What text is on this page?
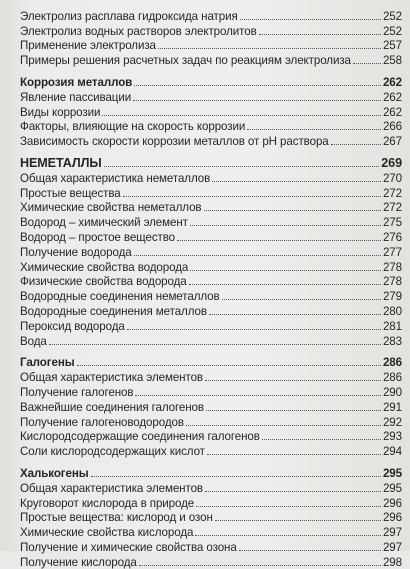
Электролиз расплава гидроксида натрия	252
Электролиз водных растворов электролитов	252
Применение электролиза	257
Примеры решения расчетных задач по реакциям электролиза	258
Коррозия металлов	262
Явление пассивации	262
Виды коррозии	262
Факторы, влияющие на скорость коррозии	266
Зависимость скорости коррозии металлов от pH раствора	267
НЕМЕТАЛЛЫ	269
Общая характеристика неметаллов	270
Простые вещества	272
Химические свойства неметаллов	272
Водород – химический элемент	275
Водород – простое вещество	276
Получение водорода	277
Химические свойства водорода	278
Физические свойства водорода	278
Водородные соединения неметаллов	279
Водородные соединения металлов	280
Пероксид водорода	281
Вода	283
Галогены	286
Общая характеристика элементов	286
Получение галогенов	290
Важнейшие соединения галогенов	291
Получение галогеноводородов	292
Кислородсодержащие соединения галогенов	293
Соли кислородсодержащих кислот	294
Халькогены	295
Общая характеристика элементов	295
Круговорот кислорода в природе	296
Простые вещества: кислород и озон	296
Химические свойства кислорода	297
Получение и химические свойства озона	297
Получение кислорода	298
